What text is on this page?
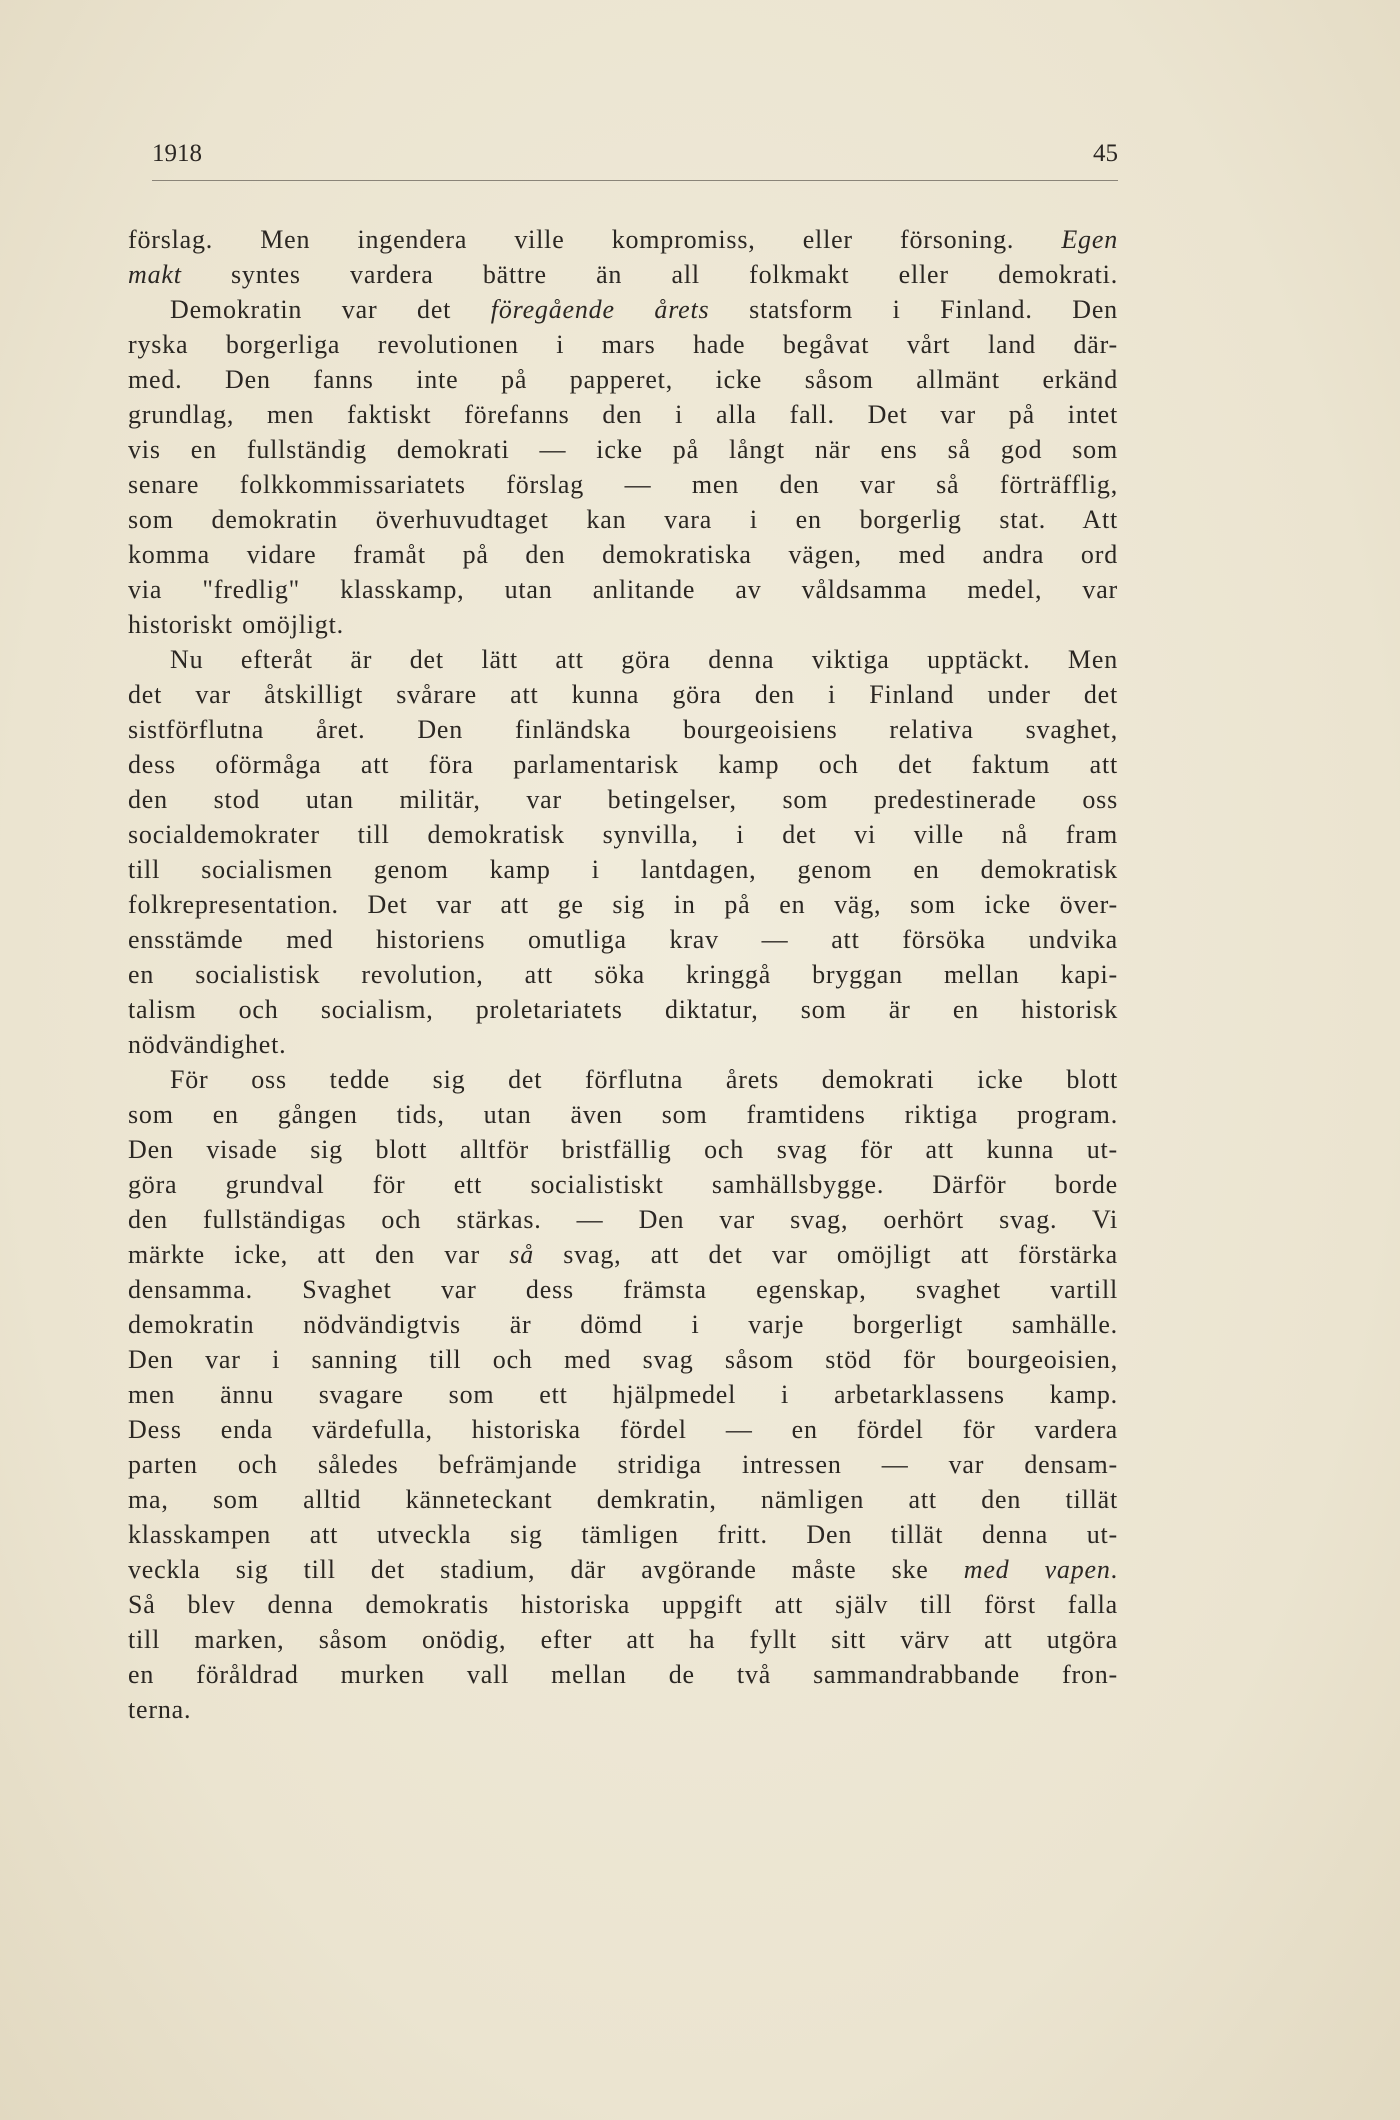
1918	45
förslag. Men ingendera ville kompromiss, eller försoning. Egen
makt syntes vardera bättre än all folkmakt eller demokrati.
Demokratin var det föregående årets statsform i Finland. Den
ryska borgerliga revolutionen i mars hade begåvat vårt land där-
med. Den fanns inte på papperet, icke såsom allmänt erkänd
grundlag, men faktiskt förefanns den i alla fall. Det var på intet
vis en fullständig demokrati — icke på långt när ens så god som
senare folkkommissariatets förslag — men den var så förträfflig,
som demokratin överhuvudtaget kan vara i en borgerlig stat. Att
komma vidare framåt på den demokratiska vägen, med andra ord
via "fredlig" klasskamp, utan anlitande av våldsamma medel, var
historiskt omöjligt.
Nu efteråt är det lätt att göra denna viktiga upptäckt. Men
det var åtskilligt svårare att kunna göra den i Finland under det
sistförflutna året. Den finländska bourgeoisiens relativa svaghet,
dess oförmåga att föra parlamentarisk kamp och det faktum att
den stod utan militär, var betingelser, som predestinerade oss
socialdemokrater till demokratisk synvilla, i det vi ville nå fram
till socialismen genom kamp i lantdagen, genom en demokratisk
folkrepresentation. Det var att ge sig in på en väg, som icke över-
ensstämde med historiens omutliga krav — att försöka undvika
en socialistisk revolution, att söka kringgå bryggan mellan kapi-
talism och socialism, proletariatets diktatur, som är en historisk
nödvändighet.
För oss tedde sig det förflutna årets demokrati icke blott
som en gången tids, utan även som framtidens riktiga program.
Den visade sig blott alltför bristfällig och svag för att kunna ut-
göra grundval för ett socialistiskt samhällsbygge. Därför borde
den fullständigas och stärkas. — Den var svag, oerhört svag. Vi
märkte icke, att den var så svag, att det var omöjligt att förstärka
densamma. Svaghet var dess främsta egenskap, svaghet vartill
demokratin nödvändigtvis är dömd i varje borgerligt samhälle.
Den var i sanning till och med svag såsom stöd för bourgeoisien,
men ännu svagare som ett hjälpmedel i arbetarklassens kamp.
Dess enda värdefulla, historiska fördel — en fördel för vardera
parten och således befrämjande stridiga intressen — var densam-
ma, som alltid känneteckant demkratin, nämligen att den tillät
klasskampen att utveckla sig tämligen fritt. Den tillät denna ut-
veckla sig till det stadium, där avgörande måste ske med vapen.
Så blev denna demokratis historiska uppgift att själv till först falla
till marken, såsom onödig, efter att ha fyllt sitt värv att utgöra
en föråldrad murken vall mellan de två sammandrabbande fron-
terna.
